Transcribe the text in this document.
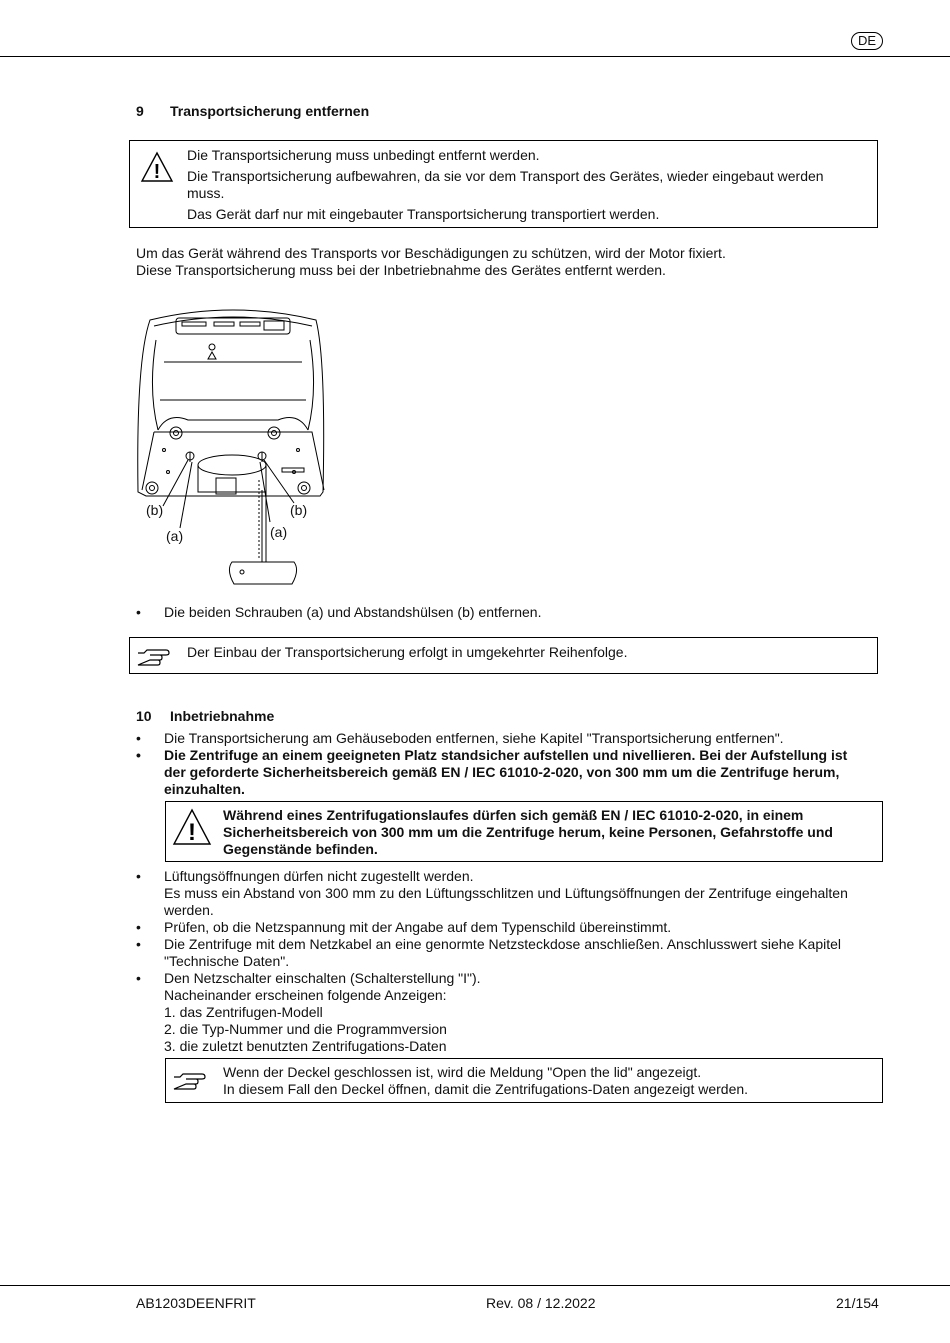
DE
9 Transportsicherung entfernen
!

Die Transportsicherung muss unbedingt entfernt werden.

Die Transportsicherung aufbewahren, da sie vor dem Transport des Gerätes, wieder eingebaut werden

muss.

Das Gerät darf nur mit eingebauter Transportsicherung transportiert werden.

Um das Gerät während des Transports vor Beschädigungen zu schützen, wird der Motor fixiert.

Diese Transportsicherung muss bei der Inbetriebnahme des Gerätes entfernt werden.

(b)	(b)
(a)	(a)
• Die beiden Schrauben (a) und Abstandshülsen (b) entfernen.

Der Einbau der Transportsicherung erfolgt in umgekehrter Reihenfolge.

10 Inbetriebnahme
• Die Transportsicherung am Gehäuseboden entfernen, siehe Kapitel "Transportsicherung entfernen".
• Die Zentrifuge an einem geeigneten Platz standsicher aufstellen und nivellieren. Bei der Aufstellung ist
der geforderte Sicherheitsbereich gemäß EN / IEC 61010-2-020, von 300 mm um die Zentrifuge herum,
einzuhalten.
!

Während eines Zentrifugationslaufes dürfen sich gemäß EN / IEC 61010-2-020, in einem

Sicherheitsbereich von 300 mm um die Zentrifuge herum, keine Personen, Gefahrstoffe und

Gegenstände befinden.

• Lüftungsöffnungen dürfen nicht zugestellt werden.
Es muss ein Abstand von 300 mm zu den Lüftungsschlitzen und Lüftungsöffnungen der Zentrifuge eingehalten
werden.
• Prüfen, ob die Netzspannung mit der Angabe auf dem Typenschild übereinstimmt.
• Die Zentrifuge mit dem Netzkabel an eine genormte Netzsteckdose anschließen. Anschlusswert siehe Kapitel
"Technische Daten".
• Den Netzschalter einschalten (Schalterstellung "I").
Nacheinander erscheinen folgende Anzeigen:
1. das Zentrifugen-Modell
2. die Typ-Nummer und die Programmversion
3. die zuletzt benutzten Zentrifugations-Daten

Wenn der Deckel geschlossen ist, wird die Meldung "Open the lid" angezeigt.

In diesem Fall den Deckel öffnen, damit die Zentrifugations-Daten angezeigt werden.

AB1203DEENFRIT	Rev. 08 / 12.2022	21/154
